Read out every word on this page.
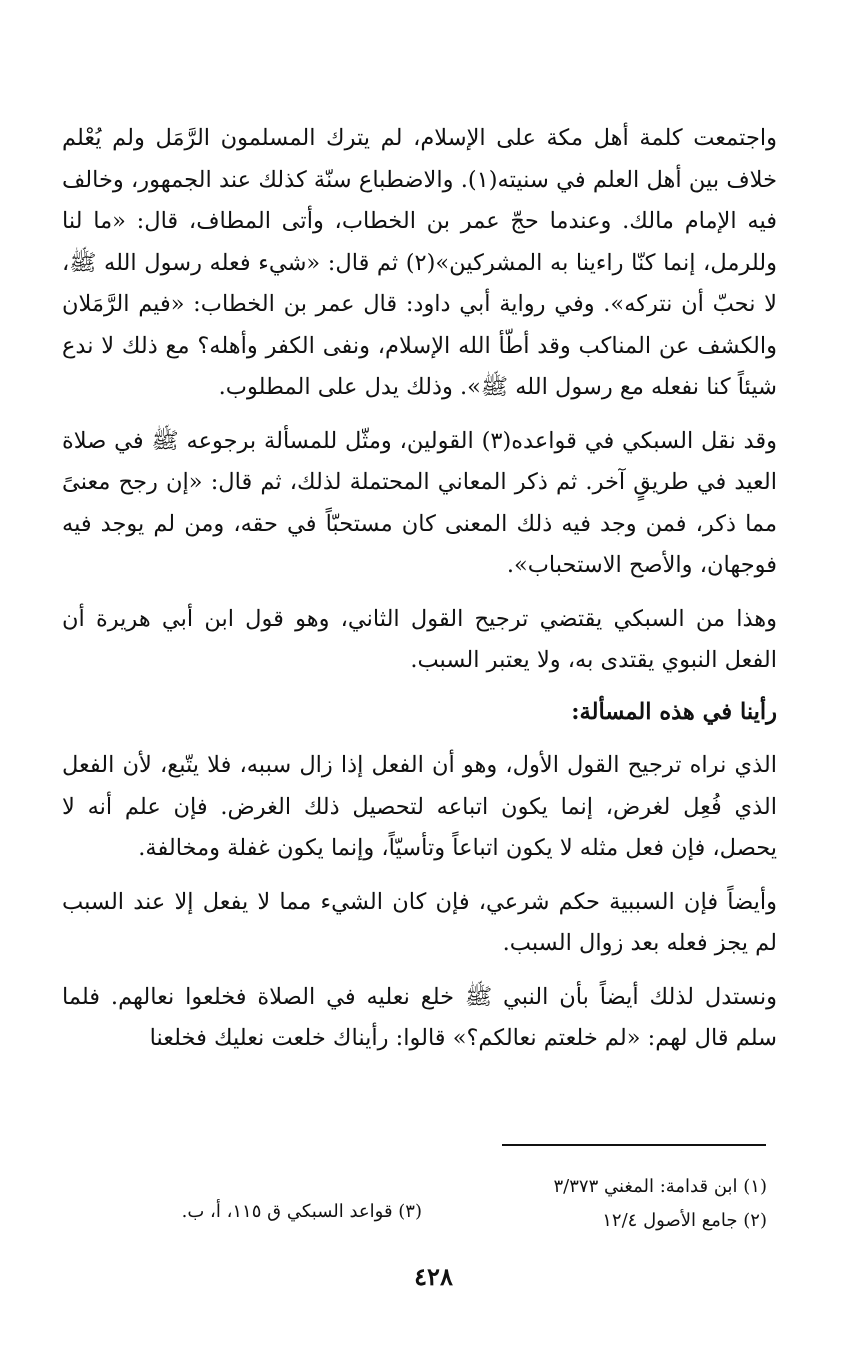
واجتمعت كلمة أهل مكة على الإسلام، لم يترك المسلمون الرَّمَل ولم يُعْلم خلاف بين أهل العلم في سنيته(١). والاضطباع سنّة كذلك عند الجمهور، وخالف فيه الإمام مالك. وعندما حجّ عمر بن الخطاب، وأتى المطاف، قال: «ما لنا وللرمل، إنما كنّا راءينا به المشركين»(٢) ثم قال: «شيء فعله رسول الله ﷺ، لا نحبّ أن نتركه». وفي رواية أبي داود: قال عمر بن الخطاب: «فيم الرَّمَلان والكشف عن المناكب وقد أطّأ الله الإسلام، ونفى الكفر وأهله؟ مع ذلك لا ندع شيئاً كنا نفعله مع رسول الله ﷺ». وذلك يدل على المطلوب.

وقد نقل السبكي في قواعده(٣) القولين، ومثّل للمسألة برجوعه ﷺ في صلاة العيد في طريقٍ آخر. ثم ذكر المعاني المحتملة لذلك، ثم قال: «إن رجح معنىً مما ذكر، فمن وجد فيه ذلك المعنى كان مستحبّاً في حقه، ومن لم يوجد فيه فوجهان، والأصح الاستحباب».

وهذا من السبكي يقتضي ترجيح القول الثاني، وهو قول ابن أبي هريرة أن الفعل النبوي يقتدى به، ولا يعتبر السبب.

رأينا في هذه المسألة:

الذي نراه ترجيح القول الأول، وهو أن الفعل إذا زال سببه، فلا يتّبع، لأن الفعل الذي فُعِل لغرض، إنما يكون اتباعه لتحصيل ذلك الغرض. فإن علم أنه لا يحصل، فإن فعل مثله لا يكون اتباعاً وتأسيّاً، وإنما يكون غفلة ومخالفة.

وأيضاً فإن السببية حكم شرعي، فإن كان الشيء مما لا يفعل إلا عند السبب لم يجز فعله بعد زوال السبب.

ونستدل لذلك أيضاً بأن النبي ﷺ خلع نعليه في الصلاة فخلعوا نعالهم. فلما سلم قال لهم: «لم خلعتم نعالكم؟» قالوا: رأيناك خلعت نعليك فخلعنا

(١) ابن قدامة: المغني ٣/٣٧٣
(٢) جامع الأصول ١٢/٤
(٣) قواعد السبكي ق ١١٥، أ، ب.
٤٢٨
